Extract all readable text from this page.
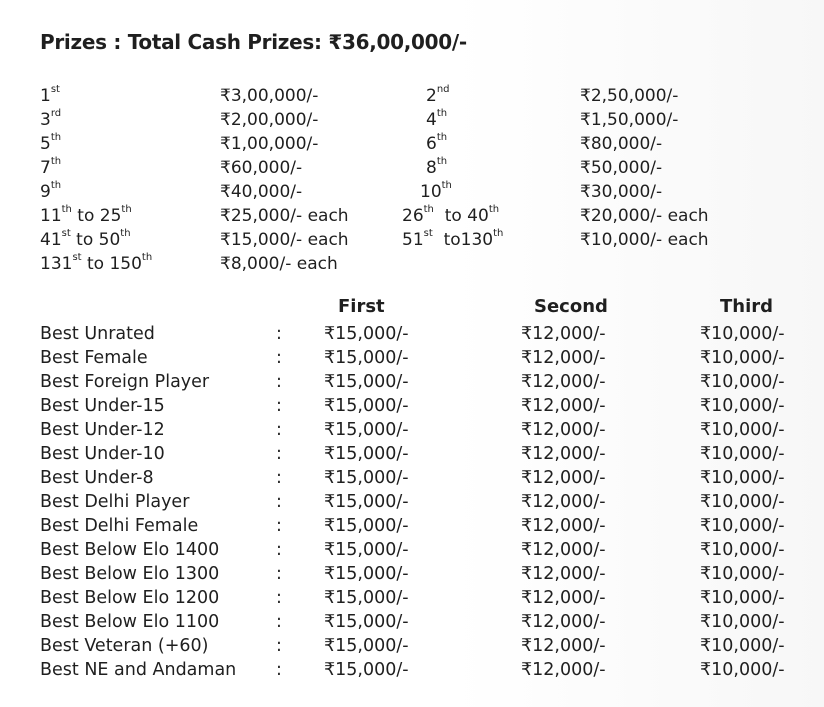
Prizes : Total Cash Prizes: ₹36,00,000/-
1st	₹3,00,000/-	2nd	₹2,50,000/-
3rd	₹2,00,000/-	4th	₹1,50,000/-
5th	₹1,00,000/-	6th	₹80,000/-
7th	₹60,000/-	8th	₹50,000/-
9th	₹40,000/-	10th	₹30,000/-
11th to 25th	₹25,000/- each	26th  to 40th	₹20,000/- each
41st to 50th	₹15,000/- each	51st  to130th	₹10,000/- each
131st to 150th	₹8,000/- each
First	Second	Third
Best Unrated	: ₹15,000/-	₹12,000/-	₹10,000/-
Best Female	: ₹15,000/-	₹12,000/-	₹10,000/-
Best Foreign Player	: ₹15,000/-	₹12,000/-	₹10,000/-
Best Under-15	: ₹15,000/-	₹12,000/-	₹10,000/-
Best Under-12	: ₹15,000/-	₹12,000/-	₹10,000/-
Best Under-10	: ₹15,000/-	₹12,000/-	₹10,000/-
Best Under-8	: ₹15,000/-	₹12,000/-	₹10,000/-
Best Delhi Player	: ₹15,000/-	₹12,000/-	₹10,000/-
Best Delhi Female	: ₹15,000/-	₹12,000/-	₹10,000/-
Best Below Elo 1400	: ₹15,000/-	₹12,000/-	₹10,000/-
Best Below Elo 1300	: ₹15,000/-	₹12,000/-	₹10,000/-
Best Below Elo 1200	: ₹15,000/-	₹12,000/-	₹10,000/-
Best Below Elo 1100	: ₹15,000/-	₹12,000/-	₹10,000/-
Best Veteran (+60)	: ₹15,000/-	₹12,000/-	₹10,000/-
Best NE and Andaman : ₹15,000/-	₹12,000/-	₹10,000/-
